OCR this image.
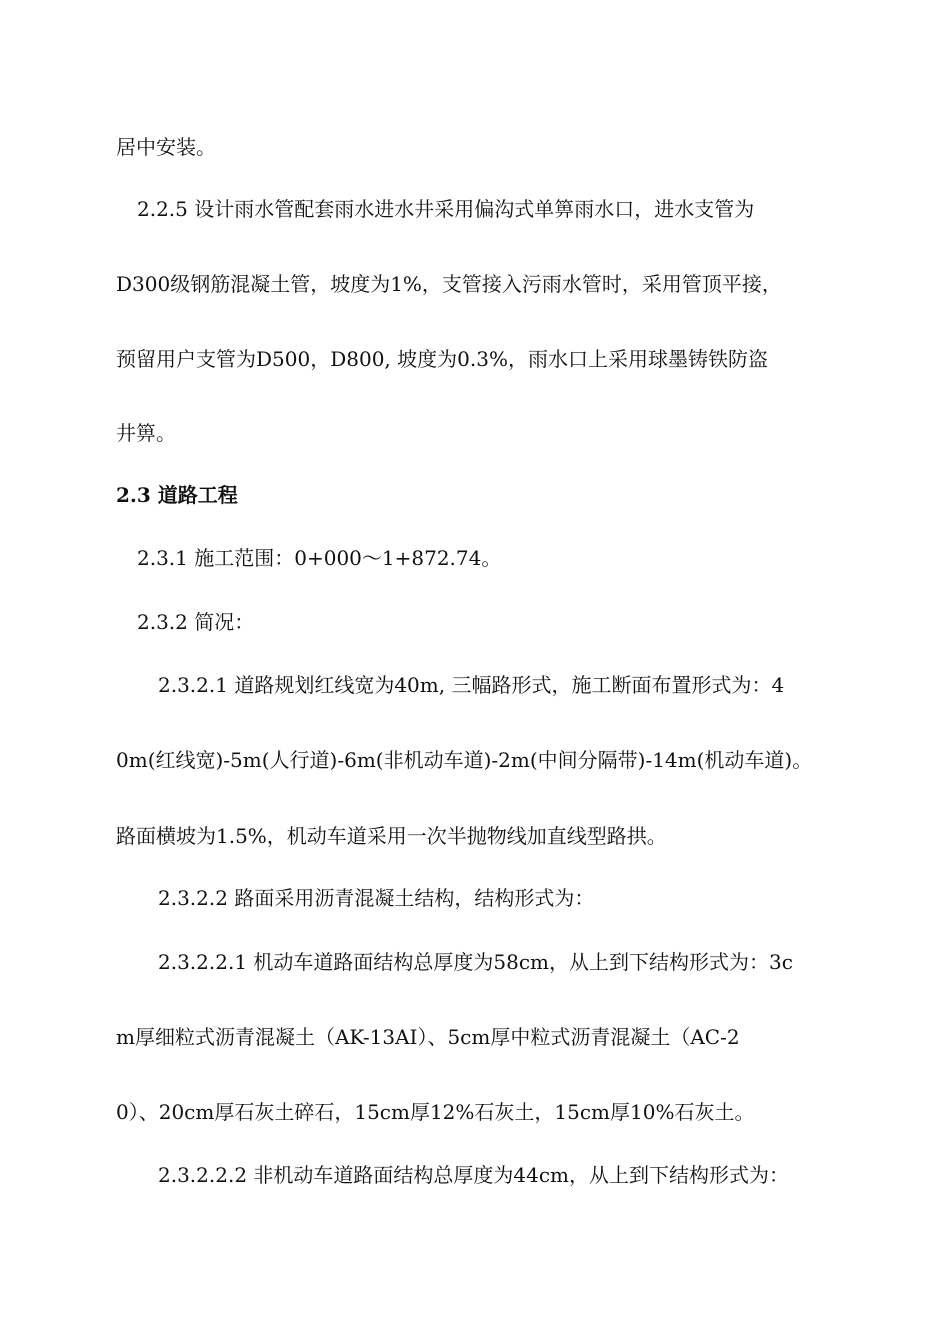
居中安装。
2.2.5 设计雨水管配套雨水进水井采用偏沟式单箅雨水口，进水支管为
D300级钢筋混凝土管，坡度为1%，支管接入污雨水管时，采用管顶平接，
预留用户支管为D500，D800, 坡度为0.3%，雨水口上采用球墨铸铁防盗
井箅。
2.3 道路工程
2.3.1 施工范围：0+000～1+872.74。
2.3.2 简况：
2.3.2.1 道路规划红线宽为40m, 三幅路形式，施工断面布置形式为：4
0m(红线宽)-5m(人行道)-6m(非机动车道)-2m(中间分隔带)-14m(机动车道)。
路面横坡为1.5%，机动车道采用一次半抛物线加直线型路拱。
2.3.2.2 路面采用沥青混凝土结构，结构形式为：
2.3.2.2.1 机动车道路面结构总厚度为58cm，从上到下结构形式为：3c
m厚细粒式沥青混凝土（AK-13AⅠ）、5cm厚中粒式沥青混凝土（AC-2
0）、20cm厚石灰土碎石，15cm厚12%石灰土，15cm厚10%石灰土。
2.3.2.2.2 非机动车道路面结构总厚度为44cm，从上到下结构形式为：
